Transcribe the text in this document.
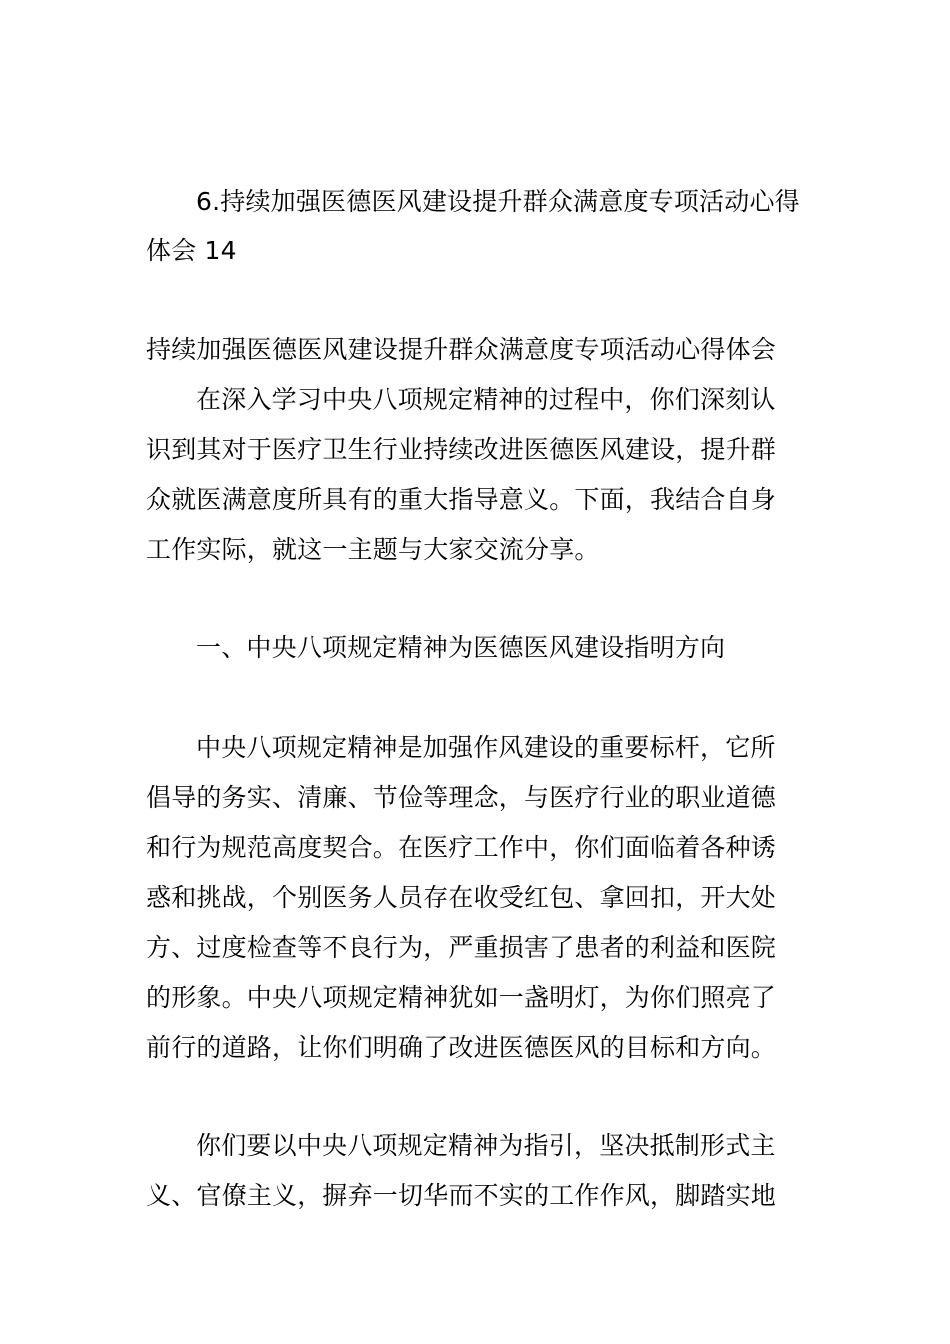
6.持续加强医德医风建设提升群众满意度专项活动心得
体会 14
持续加强医德医风建设提升群众满意度专项活动心得体会
在深入学习中央八项规定精神的过程中，你们深刻认
识到其对于医疗卫生行业持续改进医德医风建设，提升群
众就医满意度所具有的重大指导意义。下面，我结合自身
工作实际，就这一主题与大家交流分享。
一、中央八项规定精神为医德医风建设指明方向
中央八项规定精神是加强作风建设的重要标杆，它所
倡导的务实、清廉、节俭等理念，与医疗行业的职业道德
和行为规范高度契合。在医疗工作中，你们面临着各种诱
惑和挑战，个别医务人员存在收受红包、拿回扣，开大处
方、过度检查等不良行为，严重损害了患者的利益和医院
的形象。中央八项规定精神犹如一盏明灯，为你们照亮了
前行的道路，让你们明确了改进医德医风的目标和方向。
你们要以中央八项规定精神为指引，坚决抵制形式主
义、官僚主义，摒弃一切华而不实的工作作风，脚踏实地
